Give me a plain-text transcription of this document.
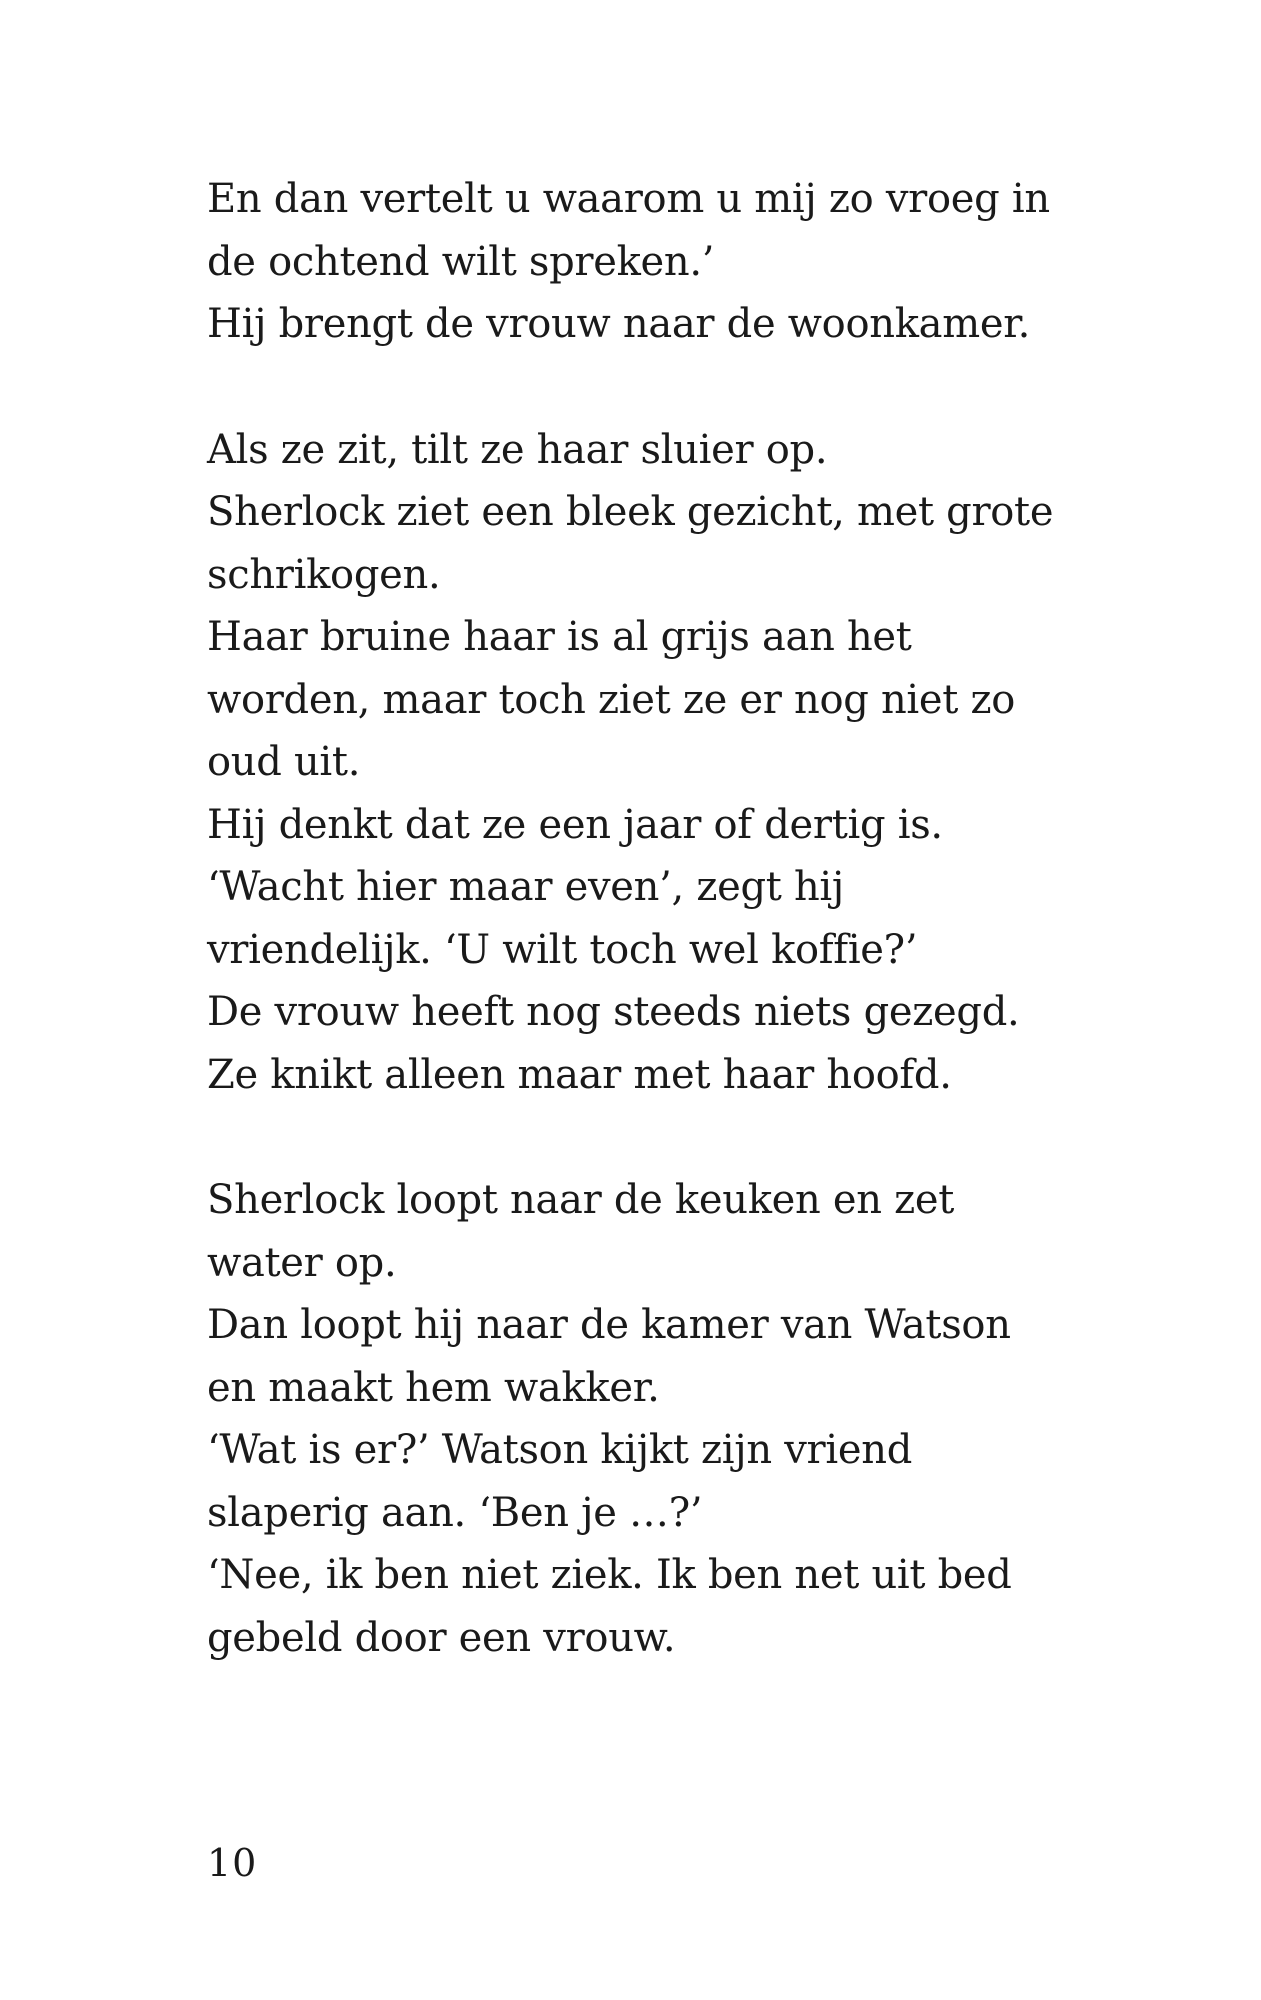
En dan vertelt u waarom u mij zo vroeg in
de ochtend wilt spreken.’
Hij brengt de vrouw naar de woonkamer.
Als ze zit, tilt ze haar sluier op.
Sherlock ziet een bleek gezicht, met grote
schrikogen.
Haar bruine haar is al grijs aan het
worden, maar toch ziet ze er nog niet zo
oud uit.
Hij denkt dat ze een jaar of dertig is.
‘Wacht hier maar even’, zegt hij
vriendelijk. ‘U wilt toch wel koffie?’
De vrouw heeft nog steeds niets gezegd.
Ze knikt alleen maar met haar hoofd.
Sherlock loopt naar de keuken en zet
water op.
Dan loopt hij naar de kamer van Watson
en maakt hem wakker.
‘Wat is er?’ Watson kijkt zijn vriend
slaperig aan. ‘Ben je …?’
‘Nee, ik ben niet ziek. Ik ben net uit bed
gebeld door een vrouw.
10
